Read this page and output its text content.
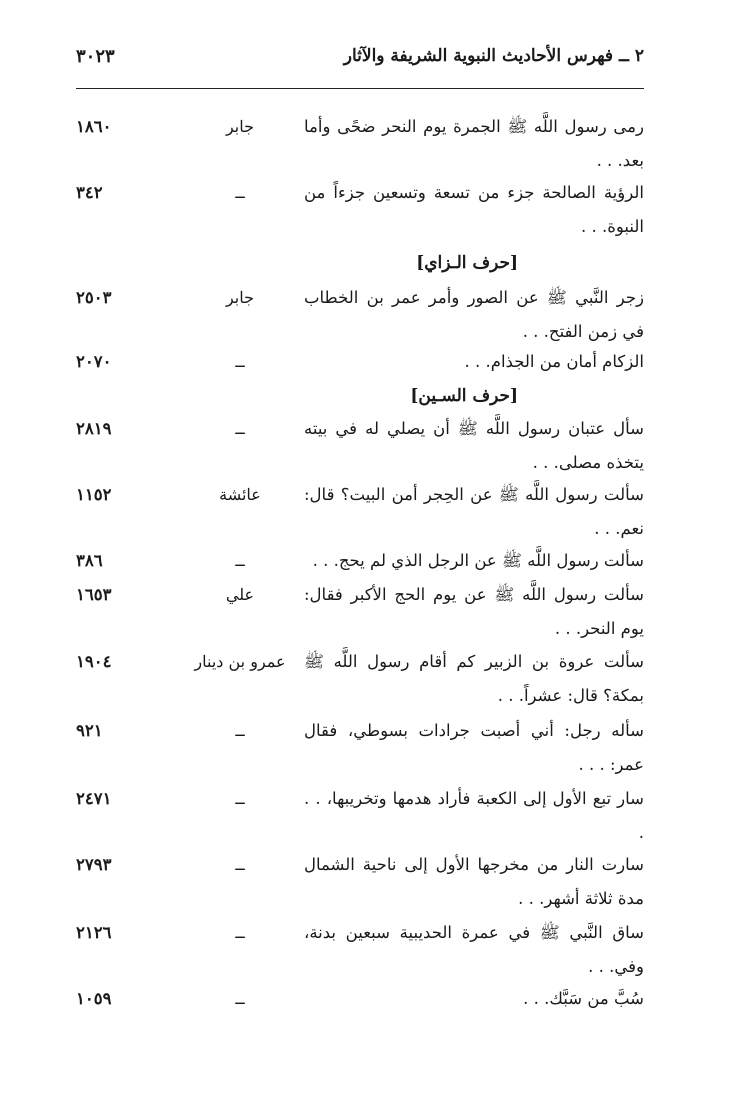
٢ ــ فهرس الأحاديث النبوية الشريفة والآثار
٣٠٢٣
رمى رسول اللَّه ﷺ الجمرة يوم النحر ضحًى وأما بعد. . .
جابر
١٨٦٠
الرؤية الصالحة جزء من تسعة وتسعين جزءاً من النبوة. . .
ــ
٣٤٢
[حرف الـزاي]
زجر النَّبي ﷺ عن الصور وأمر عمر بن الخطاب في زمن الفتح. . .
جابر
٢٥٠٣
الزكام أمان من الجذام. . .
ــ
٢٠٧٠
[حرف السـين]
سأل عتبان رسول اللَّه ﷺ أن يصلي له في بيته يتخذه مصلى. . .
ــ
٢٨١٩
سألت رسول اللَّه ﷺ عن الحِجر أمن البيت؟ قال: نعم. . .
عائشة
١١٥٢
سألت رسول اللَّه ﷺ عن الرجل الذي لم يحج. . .
ــ
٣٨٦
سألت رسول اللَّه ﷺ عن يوم الحج الأكبر فقال: يوم النحر. . .
علي
١٦٥٣
سألت عروة بن الزبير كم أقام رسول اللَّه ﷺ بمكة؟ قال: عشراً. . .
عمرو بن دينار
١٩٠٤
سأله رجل: أني أصبت جرادات بسوطي، فقال عمر: . . .
ــ
٩٢١
سار تبع الأول إلى الكعبة فأراد هدمها وتخريبها، . . .
ــ
٢٤٧١
سارت النار من مخرجها الأول إلى ناحية الشمال مدة ثلاثة أشهر. . .
ــ
٢٧٩٣
ساق النَّبي ﷺ في عمرة الحديبية سبعين بدنة، وفي. . .
ــ
٢١٢٦
سُبَّ من سَبَّك. . .
ــ
١٠٥٩
